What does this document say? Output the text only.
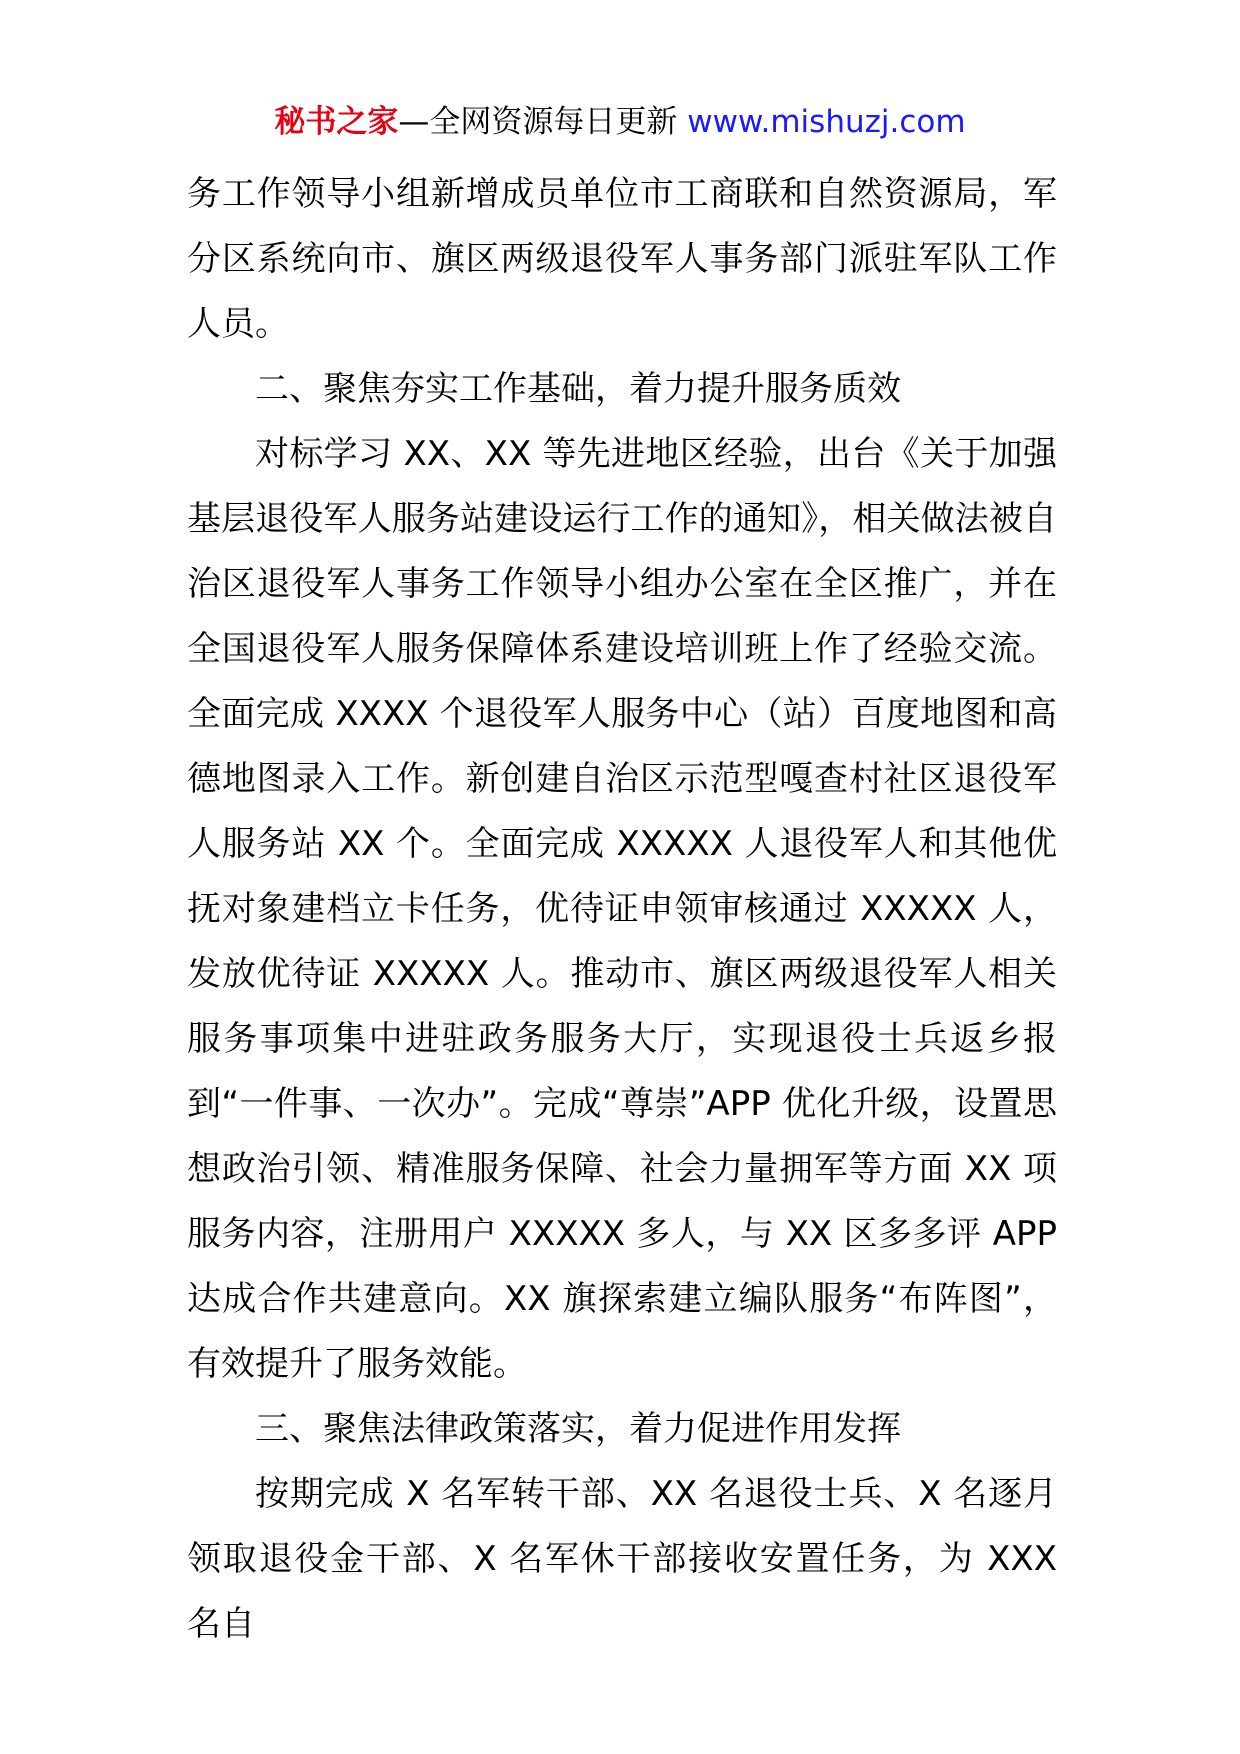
秘书之家—全网资源每日更新 www.mishuzj.com

务工作领导小组新增成员单位市工商联和自然资源局，军分区系统向市、旗区两级退役军人事务部门派驻军队工作人员。

二、聚焦夯实工作基础，着力提升服务质效

对标学习 XX、XX 等先进地区经验，出台《关于加强基层退役军人服务站建设运行工作的通知》，相关做法被自治区退役军人事务工作领导小组办公室在全区推广，并在全国退役军人服务保障体系建设培训班上作了经验交流。全面完成 XXXX 个退役军人服务中心（站）百度地图和高德地图录入工作。新创建自治区示范型嘎查村社区退役军人服务站 XX 个。全面完成 XXXXX 人退役军人和其他优抚对象建档立卡任务，优待证申领审核通过 XXXXX 人，发放优待证 XXXXX 人。推动市、旗区两级退役军人相关服务事项集中进驻政务服务大厅，实现退役士兵返乡报到“一件事、一次办”。完成“尊崇”APP 优化升级，设置思想政治引领、精准服务保障、社会力量拥军等方面 XX 项服务内容，注册用户 XXXXX 多人，与 XX 区多多评 APP 达成合作共建意向。XX 旗探索建立编队服务“布阵图”，有效提升了服务效能。

三、聚焦法律政策落实，着力促进作用发挥

按期完成 X 名军转干部、XX 名退役士兵、X 名逐月领取退役金干部、X 名军休干部接收安置任务，为 XXX 名自
